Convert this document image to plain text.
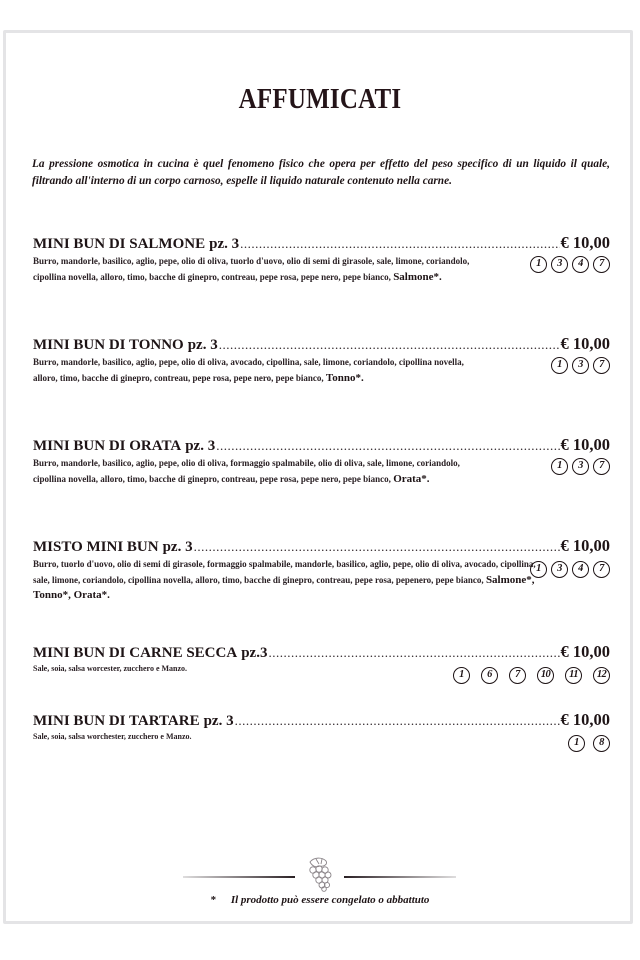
AFFUMICATI

La pressione osmotica in cucina è quel fenomeno fisico che opera per effetto del peso specifico di un liquido il quale, filtrando all'interno di un corpo carnoso, espelle il liquido naturale contenuto nella carne.

MINI BUN DI SALMONE pz. 3 .....	€ 10,00
Burro, mandorle, basilico, aglio, pepe, olio di oliva, tuorlo d'uovo, olio di semi di girasole, sale, limone, coriandolo, cipollina novella, alloro, timo, bacche di ginepro, contreau, pepe rosa, pepe nero, pepe bianco, Salmone*.
1	3	4	7
MINI BUN DI TONNO pz. 3 .....	€ 10,00
Burro, mandorle, basilico, aglio, pepe, olio di oliva, avocado, cipollina, sale, limone, coriandolo, cipollina novella, alloro, timo, bacche di ginepro, contreau, pepe rosa, pepe nero, pepe bianco, Tonno*.
1	3	7
MINI BUN DI ORATA pz. 3 .....	€ 10,00
Burro, mandorle, basilico, aglio, pepe, olio di oliva, formaggio spalmabile, olio di oliva, sale, limone, coriandolo, cipollina novella, alloro, timo, bacche di ginepro, contreau, pepe rosa, pepe nero, pepe bianco, Orata*.
1	3	7
MISTO MINI BUN pz. 3 .....	€ 10,00
Burro, tuorlo d'uovo, olio di semi di girasole, formaggio spalmabile, mandorle, basilico, aglio, pepe, olio di oliva, avocado, cipollina, sale, limone, coriandolo, cipollina novella, alloro, timo, bacche di ginepro, contreau, pepe rosa, pepenero, pepe bianco, Salmone*, Tonno*, Orata*.
1	3	4	7
MINI BUN DI CARNE SECCA pz.3 .....	€ 10,00
Sale, soia, salsa worcester, zucchero e Manzo.
1	6	7	10	11	12
MINI BUN DI TARTARE pz. 3 .....	€ 10,00
Sale, soia, salsa worchester, zucchero e Manzo.
1	8
* Il prodotto può essere congelato o abbattuto
